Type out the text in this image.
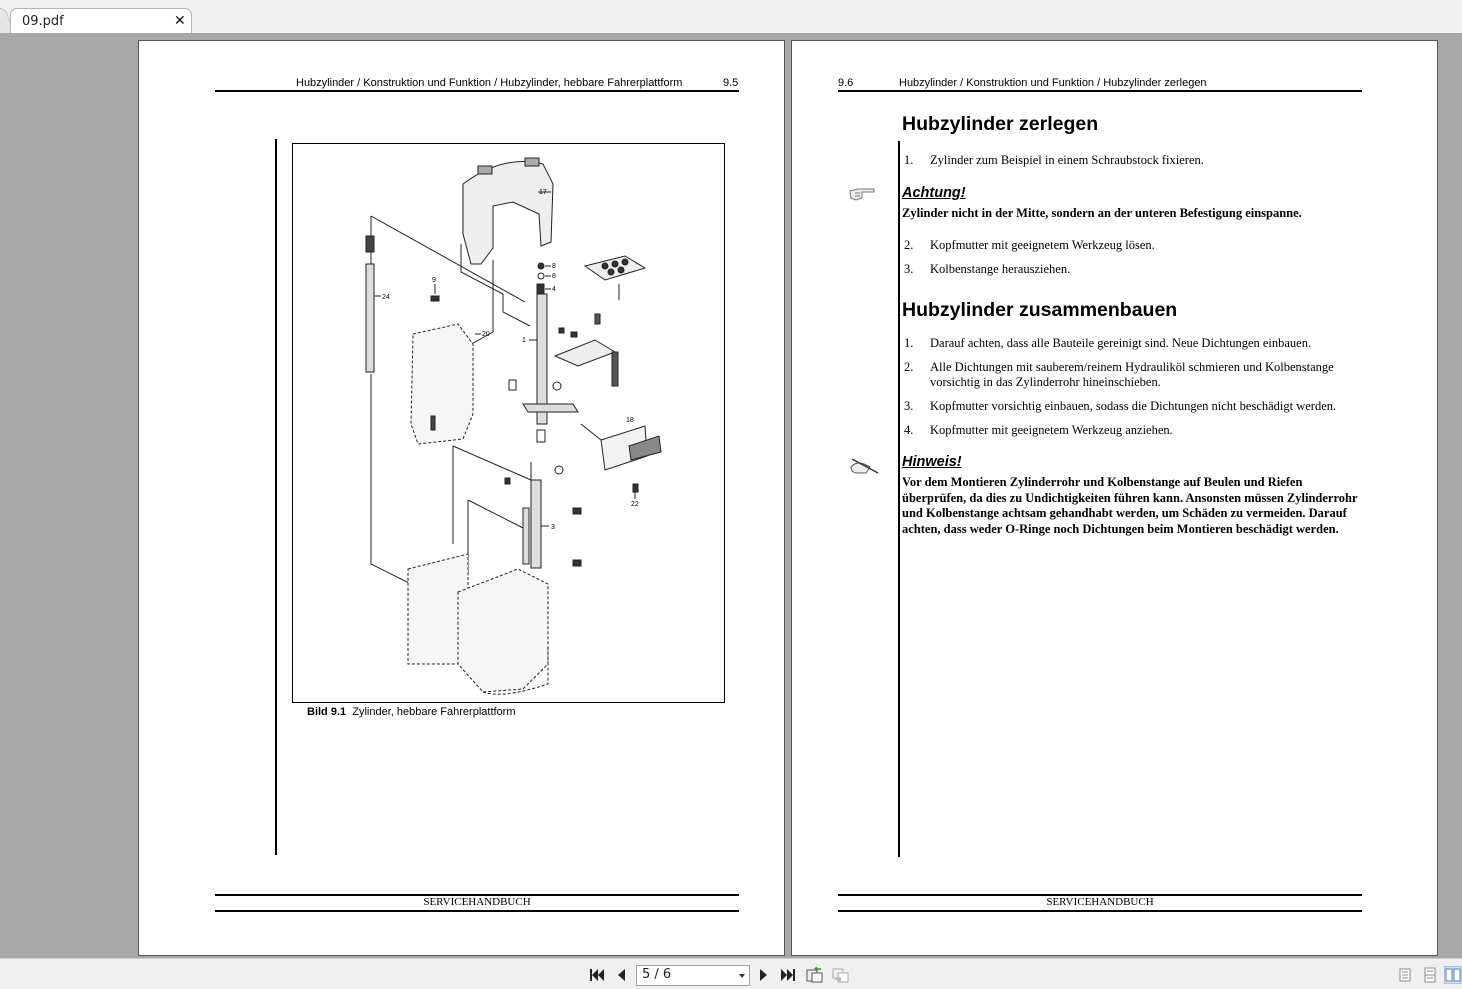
09.pdf	✕
Hubzylinder / Konstruktion und Funktion / Hubzylinder, hebbare Fahrerplattform	9.5
17
8
8
4
9
24
20
1
18
22
3
Bild 9.1 Zylinder, hebbare Fahrerplattform
SERVICEHANDBUCH
9.6	Hubzylinder / Konstruktion und Funktion / Hubzylinder zerlegen
Hubzylinder zerlegen
1. Zylinder zum Beispiel in einem Schraubstock fixieren.
Achtung!
Zylinder nicht in der Mitte, sondern an der unteren Befestigung einspanne.
2. Kopfmutter mit geeignetem Werkzeug lösen.
3. Kolbenstange herausziehen.
Hubzylinder zusammenbauen
1. Darauf achten, dass alle Bauteile gereinigt sind. Neue Dichtungen einbauen.
2. Alle Dichtungen mit sauberem/reinem Hydrauliköl schmieren und Kolbenstange vorsichtig in das Zylinderrohr hineinschieben.
3. Kopfmutter vorsichtig einbauen, sodass die Dichtungen nicht beschädigt werden.
4. Kopfmutter mit geeignetem Werkzeug anziehen.
Hinweis!
Vor dem Montieren Zylinderrohr und Kolbenstange auf Beulen und Riefen überprüfen, da dies zu Undichtigkeiten führen kann. Ansonsten müssen Zylinderrohr und Kolbenstange achtsam gehandhabt werden, um Schäden zu vermeiden. Darauf achten, dass weder O-Ringe noch Dichtungen beim Montieren beschädigt werden.
SERVICEHANDBUCH
5 / 6
